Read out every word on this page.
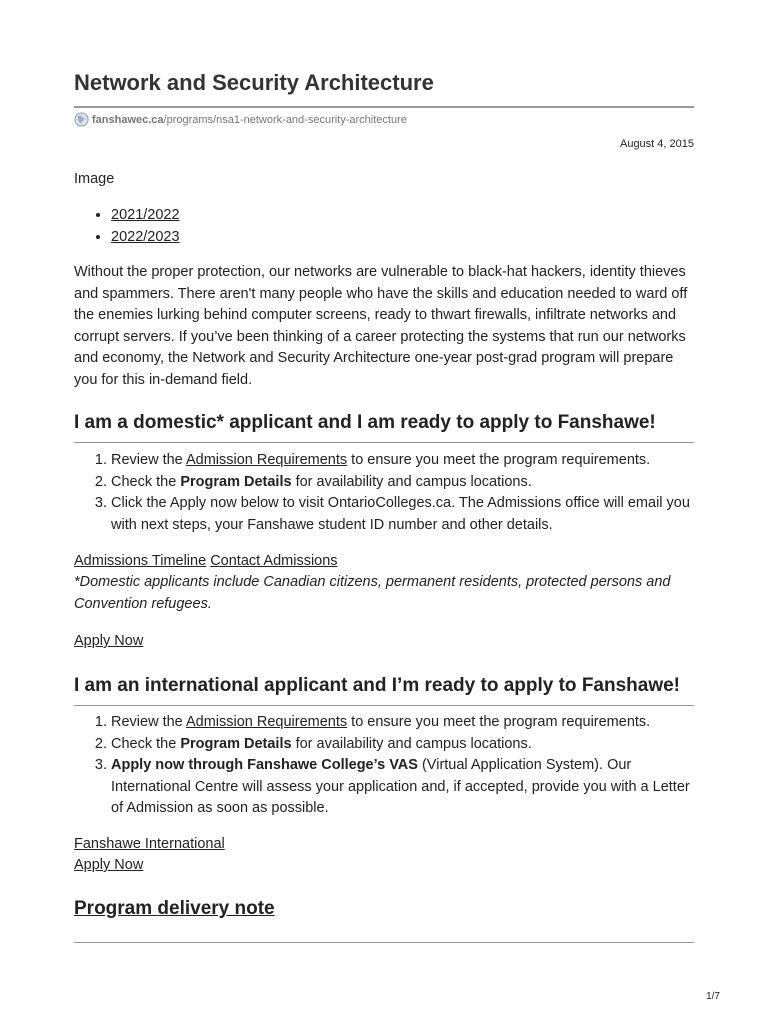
Network and Security Architecture
fanshawec.ca /programs/nsa1-network-and-security-architecture
August 4, 2015
Image
• 2021/2022
• 2022/2023

Without the proper protection, our networks are vulnerable to black-hat hackers, identity thieves and spammers. There aren't many people who have the skills and education needed to ward off the enemies lurking behind computer screens, ready to thwart firewalls, infiltrate networks and corrupt servers. If you’ve been thinking of a career protecting the systems that run our networks and economy, the Network and Security Architecture one-year post-grad program will prepare you for this in-demand field.

I am a domestic* applicant and I am ready to apply to Fanshawe!
1. Review the Admission Requirements to ensure you meet the program requirements.
2. Check the Program Details for availability and campus locations.
3. Click the Apply now below to visit OntarioColleges.ca. The Admissions office will email you with next steps, your Fanshawe student ID number and other details.
Admissions Timeline Contact Admissions
*Domestic applicants include Canadian citizens, permanent residents, protected persons and Convention refugees.
Apply Now
I am an international applicant and I’m ready to apply to Fanshawe!
1. Review the Admission Requirements to ensure you meet the program requirements.
2. Check the Program Details for availability and campus locations.
3. Apply now through Fanshawe College’s VAS (Virtual Application System). Our International Centre will assess your application and, if accepted, provide you with a Letter of Admission as soon as possible.
Fanshawe International
Apply Now
Program delivery note
1/7
